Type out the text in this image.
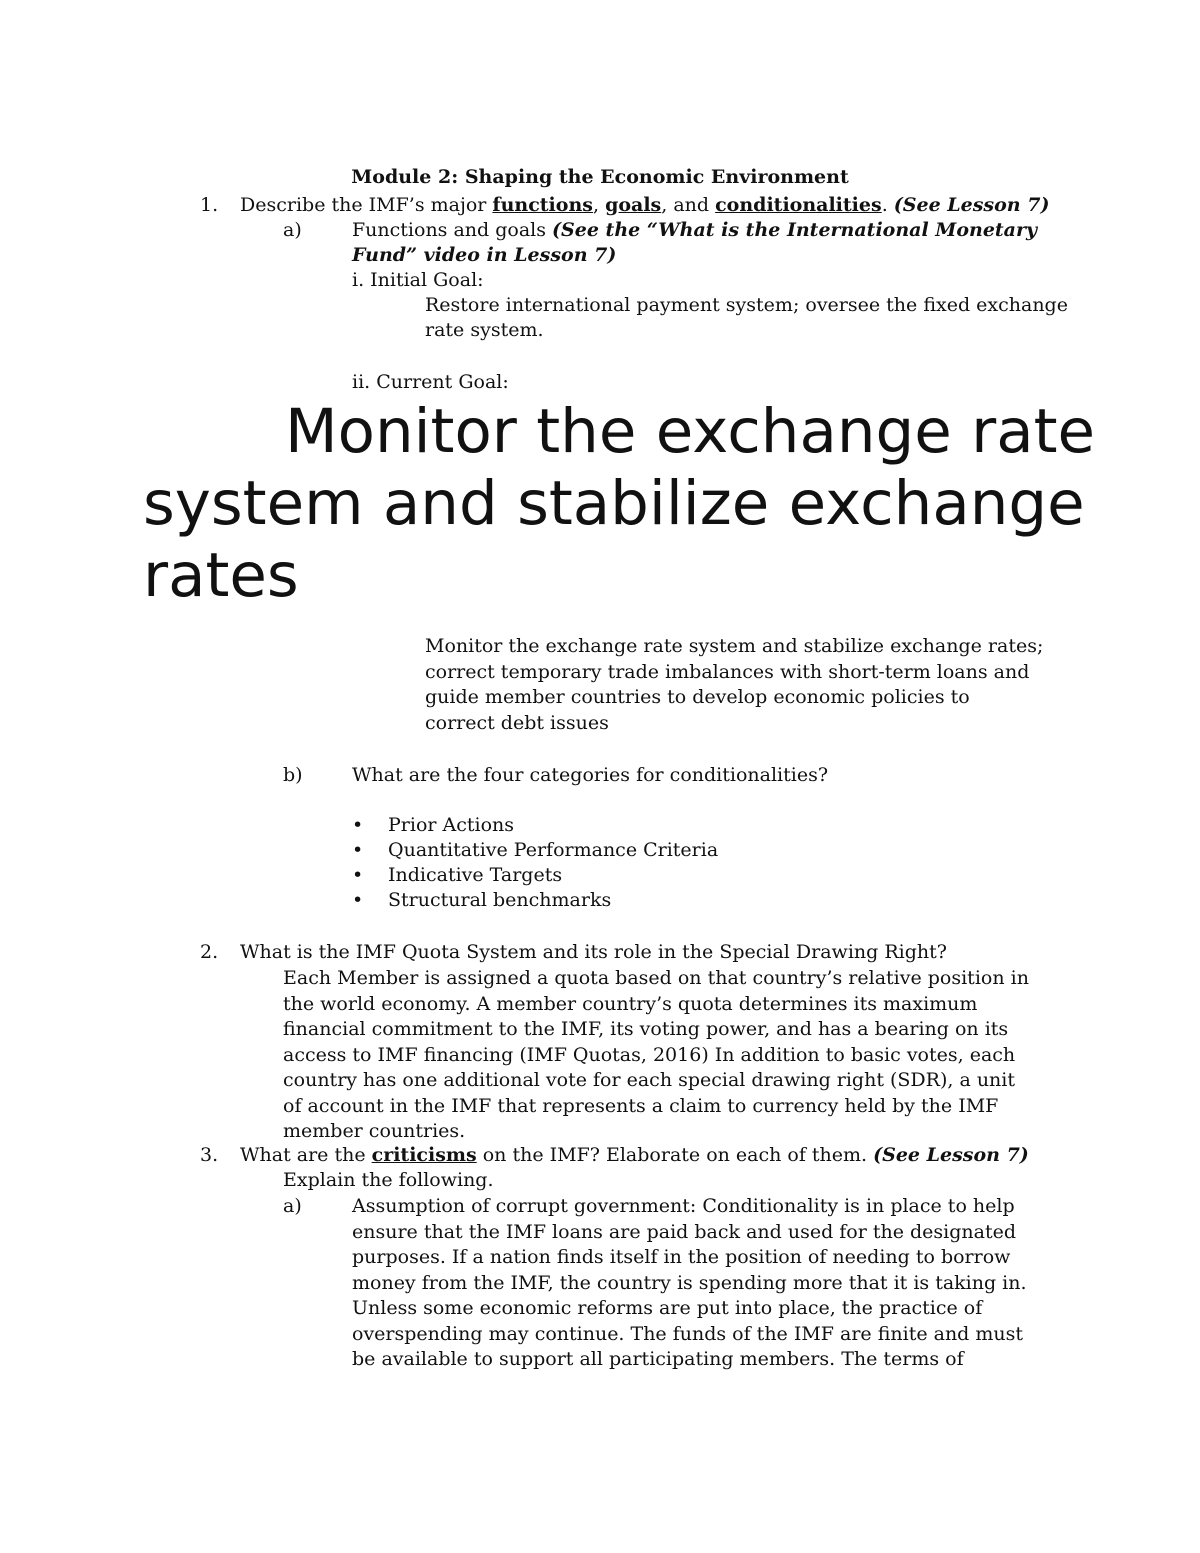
Module 2: Shaping the Economic Environment
1. Describe the IMF’s major functions, goals, and conditionalities. (See Lesson 7)
a)	Functions and goals (See the “What is the International Monetary
Fund” video in Lesson 7)
i. Initial Goal:
Restore international payment system; oversee the fixed exchange
rate system.
ii. Current Goal:
Monitor the exchange rate system and stabilize exchange rates
Monitor the exchange rate system and stabilize exchange rates; correct temporary trade imbalances with short-term loans and guide member countries to develop economic policies to correct debt issues
b)	What are the four categories for conditionalities?
• Prior Actions
• Quantitative Performance Criteria
• Indicative Targets
• Structural benchmarks
2. What is the IMF Quota System and its role in the Special Drawing Right?
Each Member is assigned a quota based on that country’s relative position in the world economy. A member country’s quota determines its maximum financial commitment to the IMF, its voting power, and has a bearing on its access to IMF financing (IMF Quotas, 2016) In addition to basic votes, each country has one additional vote for each special drawing right (SDR), a unit of account in the IMF that represents a claim to currency held by the IMF member countries.
3. What are the criticisms on the IMF? Elaborate on each of them. (See Lesson 7)
Explain the following.
a)	Assumption of corrupt government: Conditionality is in place to help ensure that the IMF loans are paid back and used for the designated purposes. If a nation finds itself in the position of needing to borrow money from the IMF, the country is spending more that it is taking in. Unless some economic reforms are put into place, the practice of overspending may continue. The funds of the IMF are finite and must be available to support all participating members. The terms of
